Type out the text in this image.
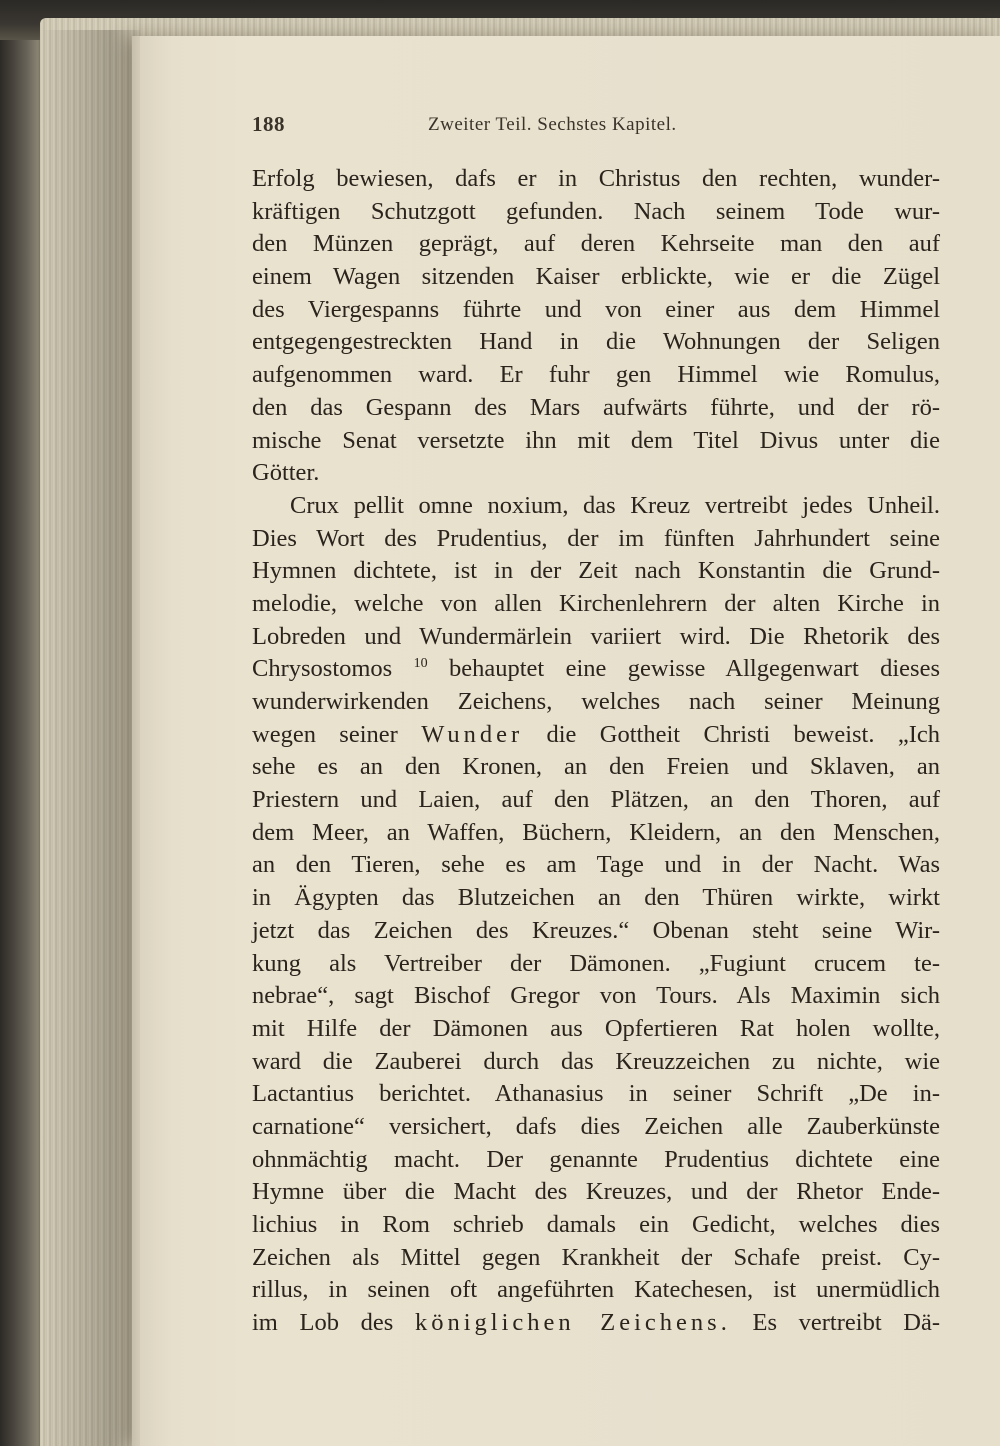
188	Zweiter Teil. Sechstes Kapitel.
Erfolg bewiesen, dafs er in Christus den rechten, wunder-
kräftigen Schutzgott gefunden. Nach seinem Tode wur-
den Münzen geprägt, auf deren Kehrseite man den auf
einem Wagen sitzenden Kaiser erblickte, wie er die Zügel
des Viergespanns führte und von einer aus dem Himmel
entgegengestreckten Hand in die Wohnungen der Seligen
aufgenommen ward. Er fuhr gen Himmel wie Romulus,
den das Gespann des Mars aufwärts führte, und der rö-
mische Senat versetzte ihn mit dem Titel Divus unter die
Götter.
Crux pellit omne noxium, das Kreuz vertreibt jedes Unheil.
Dies Wort des Prudentius, der im fünften Jahrhundert seine
Hymnen dichtete, ist in der Zeit nach Konstantin die Grund-
melodie, welche von allen Kirchenlehrern der alten Kirche in
Lobreden und Wundermärlein variiert wird. Die Rhetorik des
Chrysostomos $^{10}$ behauptet eine gewisse Allgegenwart dieses
wunderwirkenden Zeichens, welches nach seiner Meinung
wegen seiner Wunder die Gottheit Christi beweist. „Ich
sehe es an den Kronen, an den Freien und Sklaven, an
Priestern und Laien, auf den Plätzen, an den Thoren, auf
dem Meer, an Waffen, Büchern, Kleidern, an den Menschen,
an den Tieren, sehe es am Tage und in der Nacht. Was
in Ägypten das Blutzeichen an den Thüren wirkte, wirkt
jetzt das Zeichen des Kreuzes.“ Obenan steht seine Wir-
kung als Vertreiber der Dämonen. „Fugiunt crucem te-
nebrae“, sagt Bischof Gregor von Tours. Als Maximin sich
mit Hilfe der Dämonen aus Opfertieren Rat holen wollte,
ward die Zauberei durch das Kreuzzeichen zu nichte, wie
Lactantius berichtet. Athanasius in seiner Schrift „De in-
carnatione“ versichert, dafs dies Zeichen alle Zauberkünste
ohnmächtig macht. Der genannte Prudentius dichtete eine
Hymne über die Macht des Kreuzes, und der Rhetor Ende-
lichius in Rom schrieb damals ein Gedicht, welches dies
Zeichen als Mittel gegen Krankheit der Schafe preist. Cy-
rillus, in seinen oft angeführten Katechesen, ist unermüdlich
im Lob des königlichen Zeichens. Es vertreibt Dä-
